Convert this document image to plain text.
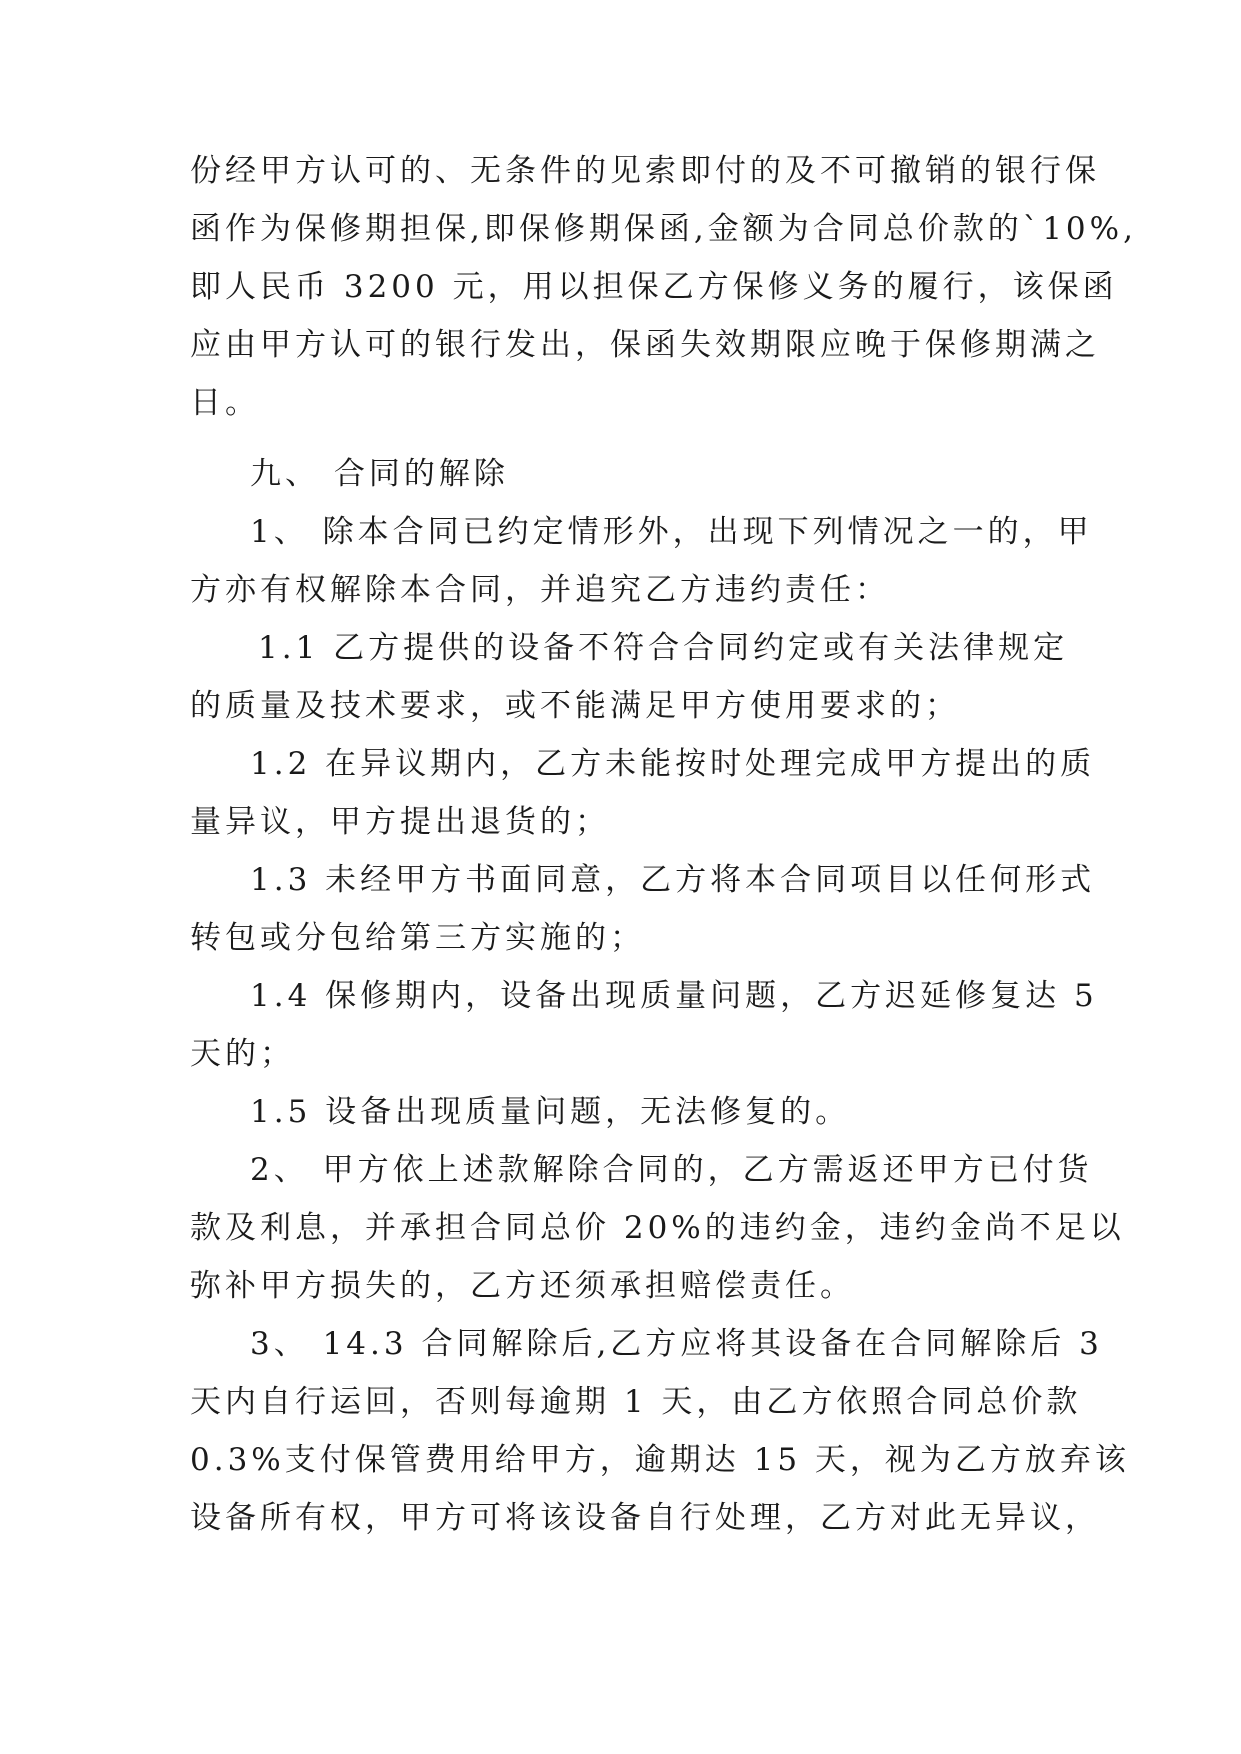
份经甲方认可的、无条件的见索即付的及不可撤销的银行保
函作为保修期担保,即保修期保函,金额为合同总价款的`10%,
即人民币 3200 元，用以担保乙方保修义务的履行，该保函
应由甲方认可的银行发出，保函失效期限应晚于保修期满之
日。
九、 合同的解除
1、 除本合同已约定情形外，出现下列情况之一的，甲
方亦有权解除本合同，并追究乙方违约责任：
1.1 乙方提供的设备不符合合同约定或有关法律规定
的质量及技术要求，或不能满足甲方使用要求的；
1.2 在异议期内，乙方未能按时处理完成甲方提出的质
量异议，甲方提出退货的；
1.3 未经甲方书面同意，乙方将本合同项目以任何形式
转包或分包给第三方实施的；
1.4 保修期内，设备出现质量问题，乙方迟延修复达 5
天的；
1.5 设备出现质量问题，无法修复的。
2、 甲方依上述款解除合同的，乙方需返还甲方已付货
款及利息，并承担合同总价 20%的违约金，违约金尚不足以
弥补甲方损失的，乙方还须承担赔偿责任。
3、 14.3 合同解除后,乙方应将其设备在合同解除后 3
天内自行运回，否则每逾期 1 天，由乙方依照合同总价款
0.3%支付保管费用给甲方，逾期达 15 天，视为乙方放弃该
设备所有权，甲方可将该设备自行处理，乙方对此无异议，
